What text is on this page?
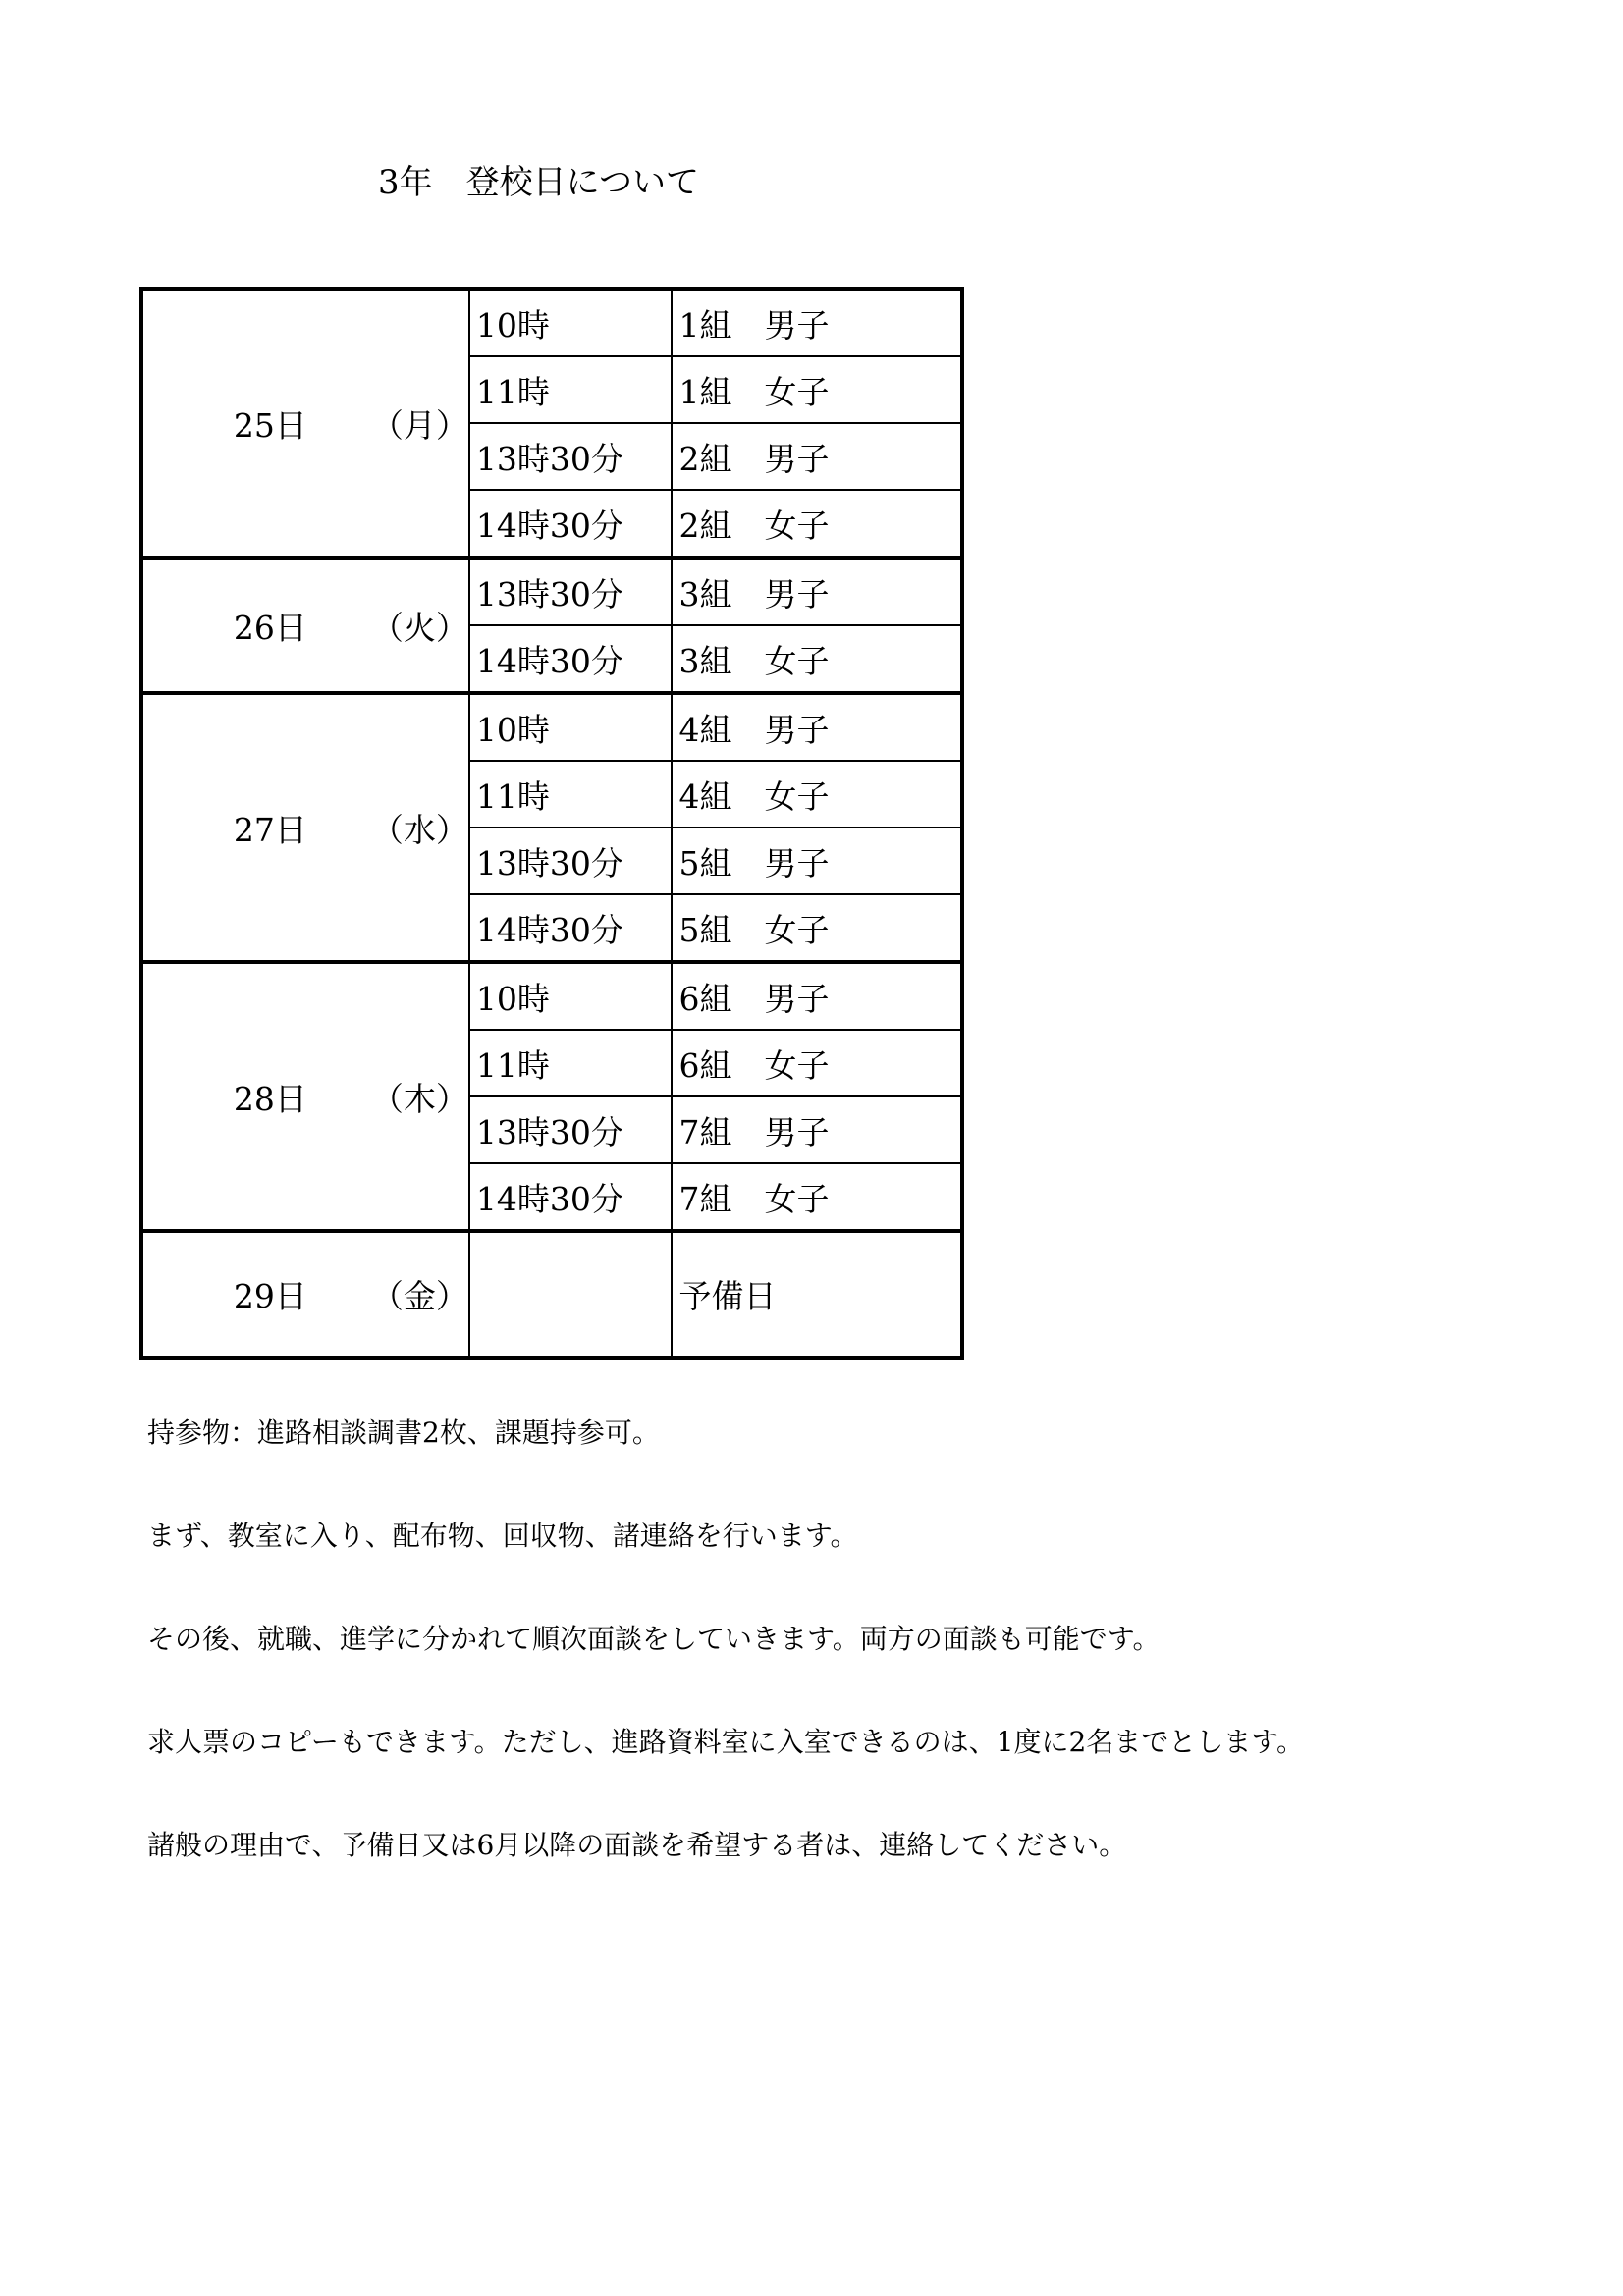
3年　登校日について

25日 （月）	10時	1組　男子
	11時	1組　女子
	13時30分	2組　男子
	14時30分	2組　女子

26日 （火）	13時30分	3組　男子
	14時30分	3組　女子

27日 （水）	10時	4組　男子
	11時	4組　女子
	13時30分	5組　男子
	14時30分	5組　女子

28日 （木）	10時	6組　男子
	11時	6組　女子
	13時30分	7組　男子
	14時30分	7組　女子

29日 （金）		予備日

持参物：進路相談調書2枚、課題持参可。

まず、教室に入り、配布物、回収物、諸連絡を行います。

その後、就職、進学に分かれて順次面談をしていきます。両方の面談も可能です。

求人票のコピーもできます。ただし、進路資料室に入室できるのは、1度に2名までとします。

諸般の理由で、予備日又は6月以降の面談を希望する者は、連絡してください。
